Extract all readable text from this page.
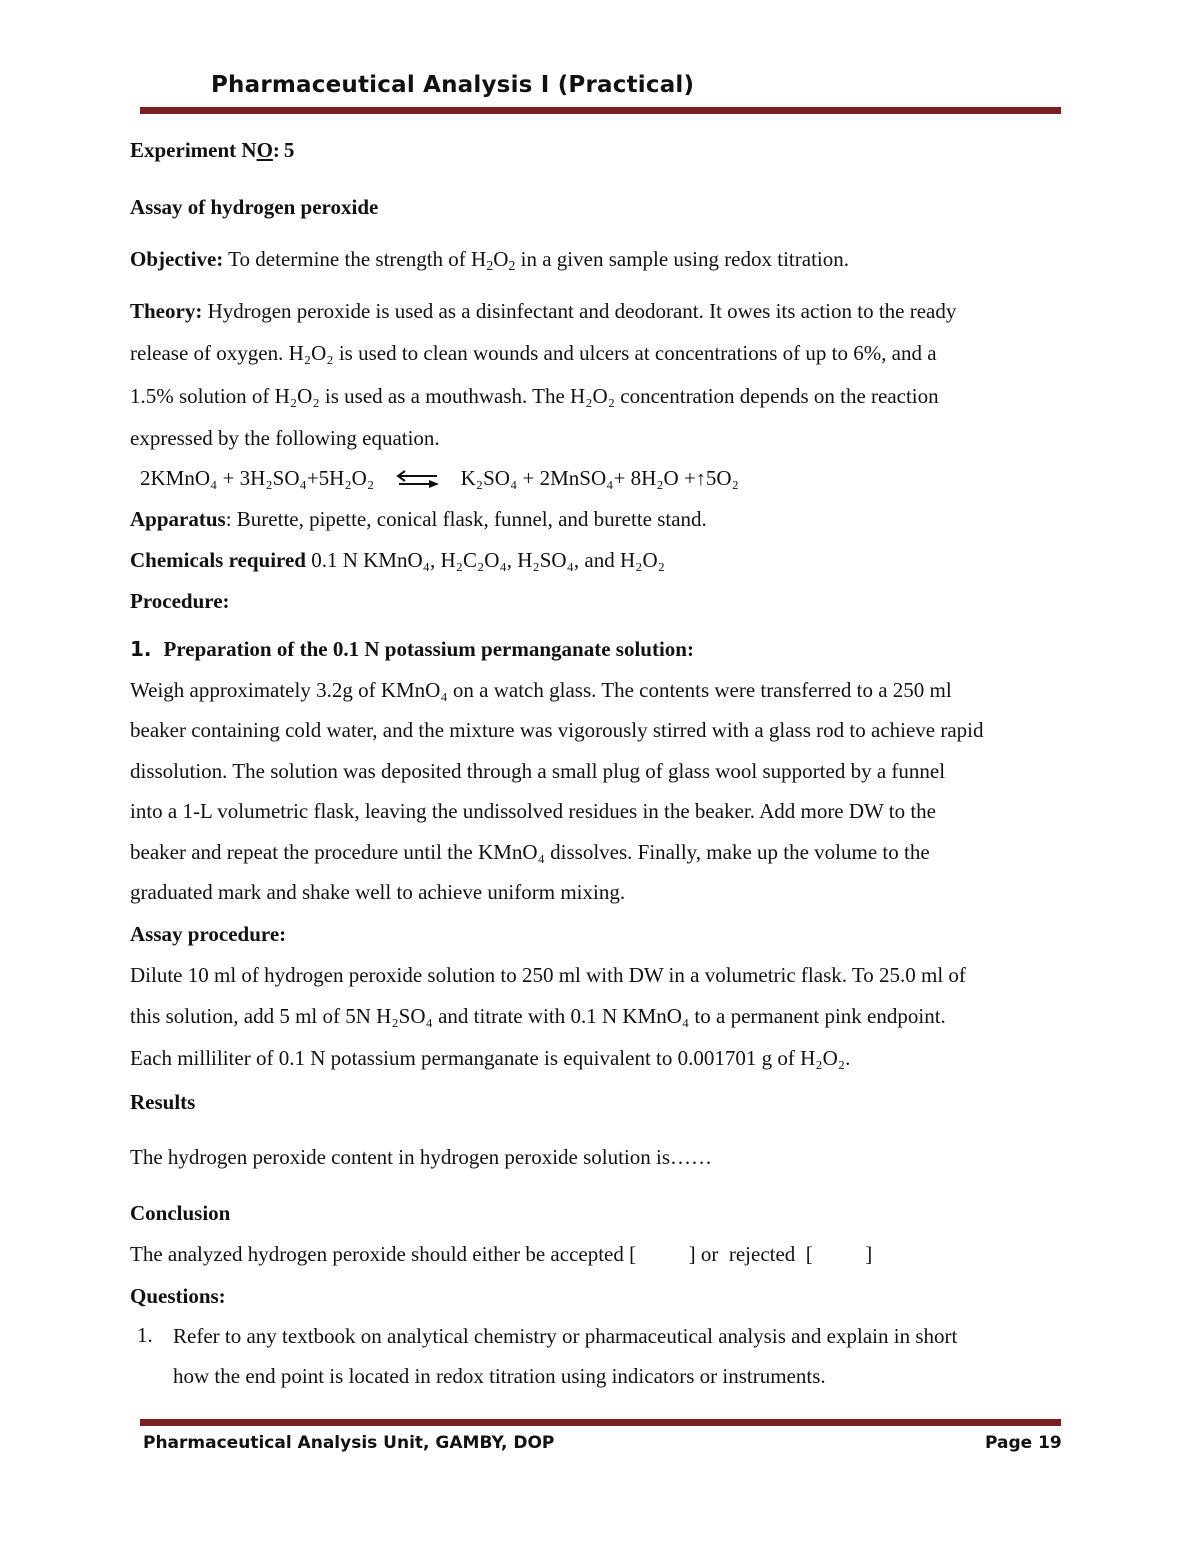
Pharmaceutical Analysis I (Practical)
Experiment NO: 5
Assay of hydrogen peroxide
Objective: To determine the strength of H2O2 in a given sample using redox titration.
Theory: Hydrogen peroxide is used as a disinfectant and deodorant. It owes its action to the ready
release of oxygen. H₂O₂ is used to clean wounds and ulcers at concentrations of up to 6%, and a
1.5% solution of H₂O₂ is used as a mouthwash. The H₂O₂ concentration depends on the reaction
expressed by the following equation.
2KMnO₄ + 3H₂SO₄+5H₂O₂ ⇌ K₂SO₄ + 2MnSO₄+ 8H₂O +↑5O₂
Apparatus: Burette, pipette, conical flask, funnel, and burette stand.
Chemicals required 0.1 N KMnO₄, H₂C₂O₄, H₂SO₄, and H₂O₂
Procedure:
1. Preparation of the 0.1 N potassium permanganate solution:
Weigh approximately 3.2g of KMnO₄ on a watch glass. The contents were transferred to a 250 ml
beaker containing cold water, and the mixture was vigorously stirred with a glass rod to achieve rapid
dissolution. The solution was deposited through a small plug of glass wool supported by a funnel
into a 1-L volumetric flask, leaving the undissolved residues in the beaker. Add more DW to the
beaker and repeat the procedure until the KMnO₄ dissolves. Finally, make up the volume to the
graduated mark and shake well to achieve uniform mixing.
Assay procedure:
Dilute 10 ml of hydrogen peroxide solution to 250 ml with DW in a volumetric flask. To 25.0 ml of
this solution, add 5 ml of 5N H₂SO₄ and titrate with 0.1 N KMnO₄ to a permanent pink endpoint.
Each milliliter of 0.1 N potassium permanganate is equivalent to 0.001701 g of H₂O₂.
Results
The hydrogen peroxide content in hydrogen peroxide solution is……
Conclusion
The analyzed hydrogen peroxide should either be accepted [          ] or  rejected  [          ]
Questions:
1. Refer to any textbook on analytical chemistry or pharmaceutical analysis and explain in short
how the end point is located in redox titration using indicators or instruments.
Pharmaceutical Analysis Unit, GAMBY, DOP	Page 19
